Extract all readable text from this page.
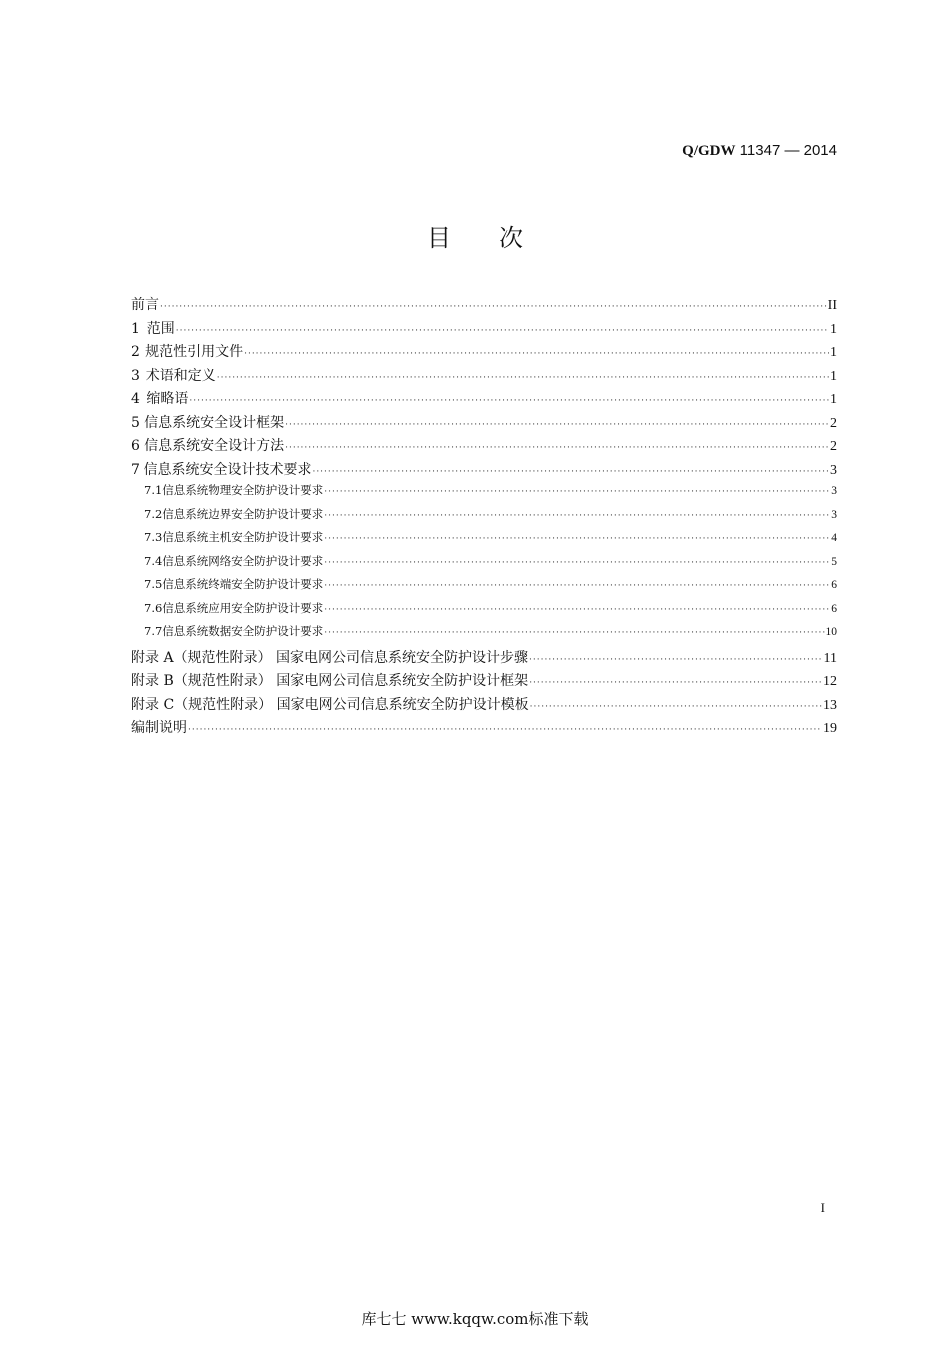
Q/GDW 11347 — 2014
目 次
前言 ·····	II
1 范围 ·····	1
2 规范性引用文件 ·····	1
3 术语和定义 ·····	1
4 缩略语 ·····	1
5 信息系统安全设计框架 ·····	2
6 信息系统安全设计方法 ·····	2
7 信息系统安全设计技术要求 ·····	3
7.1 信息系统物理安全防护设计要求 ·····	3
7.2 信息系统边界安全防护设计要求 ·····	3
7.3 信息系统主机安全防护设计要求 ·····	4
7.4 信息系统网络安全防护设计要求 ·····	5
7.5 信息系统终端安全防护设计要求 ·····	6
7.6 信息系统应用安全防护设计要求 ·····	6
7.7 信息系统数据安全防护设计要求 ·····	10
附录 A（规范性附录） 国家电网公司信息系统安全防护设计步骤 ·····	11
附录 B（规范性附录） 国家电网公司信息系统安全防护设计框架 ·····	12
附录 C（规范性附录） 国家电网公司信息系统安全防护设计模板 ·····	13
编制说明 ·····	19
I
库七七 www.kqqw.com标准下载
